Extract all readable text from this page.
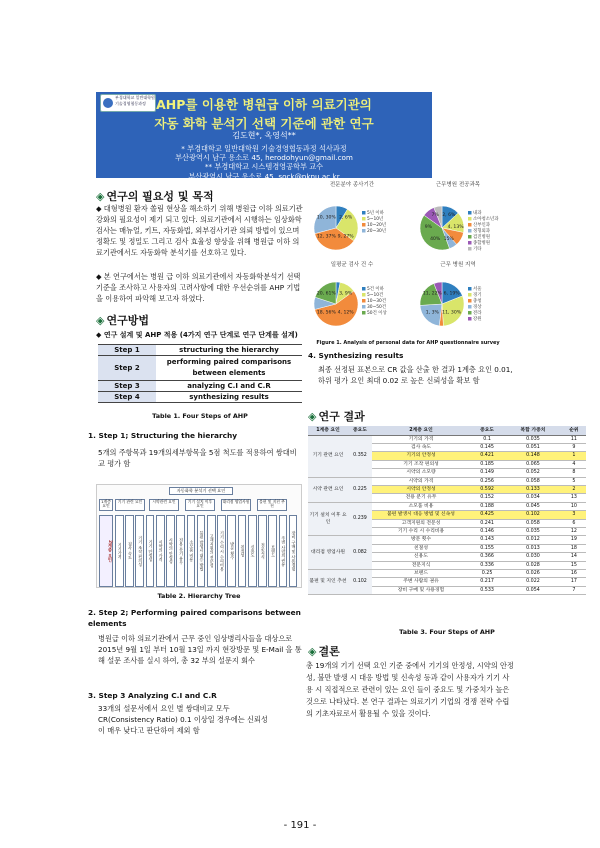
AHP를 이용한 병원급 이하 의료기관의
자동 화학 분석기 선택 기준에 관한 연구
김도현*, 옥영석**
* 부경대학교 일반대학원 기술경영협동과정 석사과정
부산광역시 남구 용소로 45, herodohyun@gmail.com
** 부경대학교 시스템경영공학부 교수
부산광역시 남구 용소로 45, sock@pknu.ac.kr
부경대학교 일반대학원 기술경영협동과정
◈ 연구의 필요성 및 목적
◆ 대형병원 환자 쏠림 현상을 해소하기 위해 병원급 이하 의료기관 강화의 필요성이 제기 되고 있다. 의료기관에서 시행하는 임상화학 검사는 매뉴얼, 키트, 자동화법, 외부검사기관 의뢰 방법이 있으며 정확도 및 정밀도 그리고 검사 효율성 향상을 위해 병원급 이하 의료기관에서도 자동화학 분석기를 선호하고 있다.
◆ 본 연구에서는 병원 급 이하 의료기관에서 자동화학분석기 선택 기준을 조사하고 사용자의 고려사항에 대한 우선순위를 AHP 기법을 이용하여 파악해 보고자 하였다.
◈ 연구방법
◆ 연구 설계 및 AHP 적용 (4가지 연구 단계로 연구 단계를 설계)
Step 1	structuring the hierarchy
Step 2	performing paired comparisons between elements
Step 3	analyzing C.I and C.R
Step 4	synthesizing results
Table 1. Four Steps of AHP
1. Step 1; Structuring the hierarchy
5개의 주항목과 19개의세부항목을 5점 척도를 적용하여 쌍대비교 평가 함
자동화학 분석기 선택 요인
1계층 요인
2계층 요인
기기 관련 요인	시약관련 요인	기기 설치 이후 요인
대리점 영업사원	불편 및 지친 추천
기기가격	검사 속도	기기 조작 편의성	기기 안정성	시약의 가격	시약의 안정성	전용 분기 유무	소모품 비용	불편 발생시 대응 방법	고객지원의 전문성	기기 수리 시 수리비용	방문 횟수	친절성	신용도	전문지식	브랜드	주변 사람의 권유	장비 구매 및 사용경험
Table 2. Hierarchy Tree
2. Step 2; Performing paired comparisons between elements
병원급 이하 의료기관에서 근무 중인 임상병리사들을 대상으로 2015년 9월 1일 부터 10월 13일 까지 현장방문 및 E-Mail 을 통해 설문 조사를 실시 하여, 총 32 부의 설문지 회수
3. Step 3 Analyzing C.I and C.R
33개의 설문서에서 요인 별 쌍대비교 모두 CR(Consistency Ratio) 0.1 이상일 경우에는 신뢰성이 매우 낮다고 판단하여 제외 함
전문분야 종사기간
2, 6%
9, 27%
12, 37%
10, 30%
5년 이하
5~10년
10~20년
20~30년
근무병원 전공과목
2, 6%
4, 13%
15%
40%
9%
7%	내과
소아청소년과
산부인과
정형외과
검진병원
종합병원
기타
일평균 검사 건 수
3, 9%
4, 12%
18, 56%
20, 61%
5건 이하
5~10건
10~30건
30~50건
50건 이상
근무 병원 지역
6, 19%
11, 30%
1, 3%
11, 22%
서울
경기
충청
경상
전라
강원
Figure 1. Analysis of personal data for AHP questionnaire survey
4. Synthesizing results
최종 선정된 표본으로 CR 값을 산출 한 결과 1계층 요인 0.01, 하위 평가 요인 최대 0.02 로 높은 신뢰성을 확보 함
◈ 연구 결과
1계층 요인	중요도	2계층 요인	중요도	복합 가중치	순위
기기 관련 요인	0.352	기기의 가격	0.1	0.035	11
		검사 속도	0.145	0.051	9
		기기의 안정성	0.421	0.148	1
		기기 조작 편의성	0.185	0.065	4
		시약의 소모량	0.149	0.052	8
시약 관련 요인	0.225	시약의 가격	0.256	0.058	5
		시약의 안정성	0.592	0.133	2
		전용 분기 유무	0.152	0.034	13
기기 설치 이후 요인	0.239	소모품 비용	0.188	0.045	10
		불편 발생시 대응 방법 및 신속성	0.425	0.102	3
		고객지원의 전문성	0.241	0.058	6
		기기 수리 시 수리비용	0.146	0.035	12
대리점 영업사원	0.082	방문 횟수	0.143	0.012	19
		친절성	0.155	0.013	18
		신용도	0.366	0.030	14
		전문지식	0.336	0.028	15
불편 및 지인 추천	0.102	브랜드	0.25	0.026	16
		주변 사람의 권유	0.217	0.022	17
		장비 구매 및 사용경험	0.533	0.054	7
Table 3. Four Steps of AHP
◈ 결론
총 19개의 기기 선택 요인 기준 중에서 기기의 안정성, 시약의 안정성, 불만 발생 시 대응 방법 및 신속성 등과 같이 사용자가 기기 사용 시 직접적으로 관련이 있는 요인 들이 중요도 및 가중치가 높은 것으로 나타났다. 본 연구 결과는 의료기기 기업의 경쟁 전략 수립의 기초자료로서 활용될 수 있을 것이다.
- 191 -
